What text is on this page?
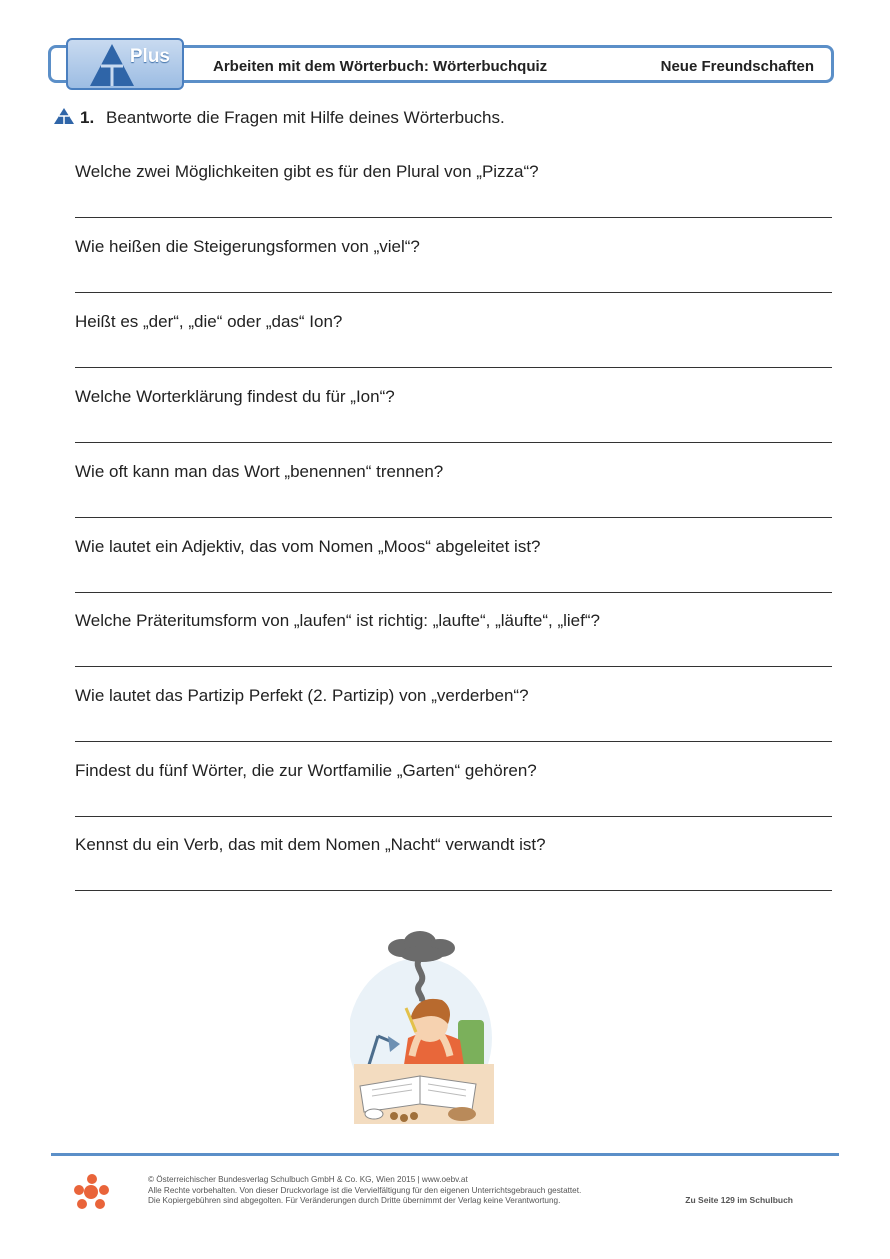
Plus	Arbeiten mit dem Wörterbuch: Wörterbuchquiz	Neue Freundschaften
1. Beantworte die Fragen mit Hilfe deines Wörterbuchs.
Welche zwei Möglichkeiten gibt es für den Plural von „Pizza“?
Wie heißen die Steigerungsformen von „viel“?
Heißt es „der“, „die“ oder „das“ Ion?
Welche Worterklärung findest du für „Ion“?
Wie oft kann man das Wort „benennen“ trennen?
Wie lautet ein Adjektiv, das vom Nomen „Moos“ abgeleitet ist?
Welche Präteritumsform von „laufen“ ist richtig: „laufte“, „läufte“, „lief“?
Wie lautet das Partizip Perfekt (2. Partizip) von „verderben“?
Findest du fünf Wörter, die zur Wortfamilie „Garten“ gehören?
Kennst du ein Verb, das mit dem Nomen „Nacht“ verwandt ist?
© Österreichischer Bundesverlag Schulbuch GmbH & Co. KG, Wien 2015 | www.oebv.at
Alle Rechte vorbehalten. Von dieser Druckvorlage ist die Vervielfältigung für den eigenen Unterrichtsgebrauch gestattet.
Die Kopiergebühren sind abgegolten. Für Veränderungen durch Dritte übernimmt der Verlag keine Verantwortung.	Zu Seite 129 im Schulbuch
